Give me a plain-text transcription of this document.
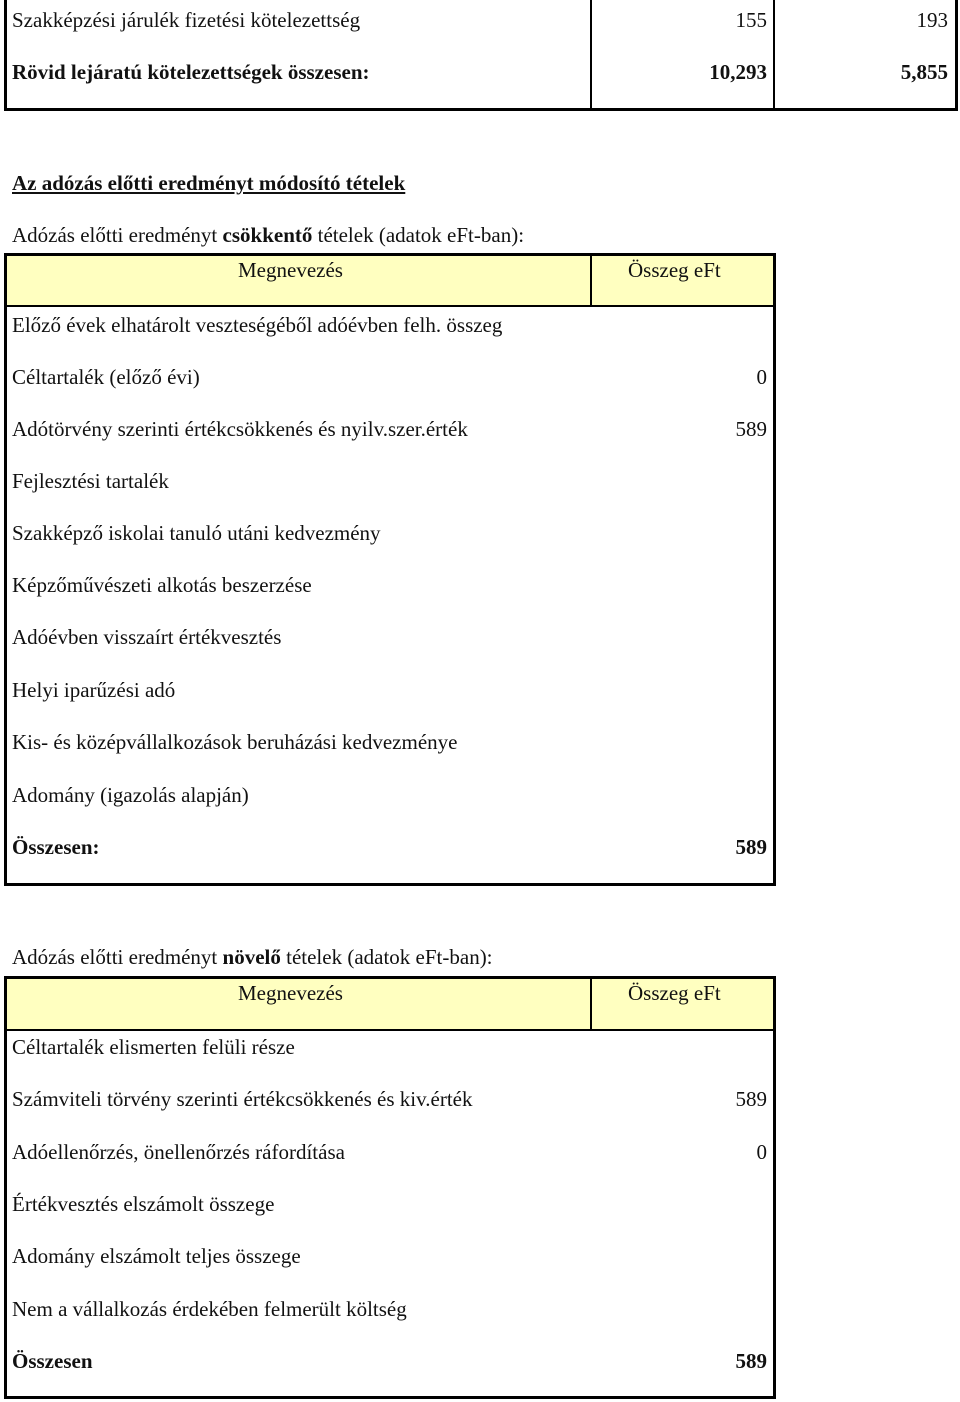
Szakképzési járulék fizetési kötelezettség	155	193
Rövid lejáratú kötelezettségek összesen:	10,293	5,855
Az adózás előtti eredményt módosító tételek
Adózás előtti eredményt csökkentő tételek (adatok eFt-ban):
Megnevezés	Összeg eFt
Előző évek elhatárolt veszteségéből adóévben felh. összeg
Céltartalék (előző évi)	0
Adótörvény szerinti értékcsökkenés és nyilv.szer.érték	589
Fejlesztési tartalék
Szakképző iskolai tanuló utáni kedvezmény
Képzőművészeti alkotás beszerzése
Adóévben visszaírt értékvesztés
Helyi iparűzési adó
Kis- és középvállalkozások beruházási kedvezménye
Adomány (igazolás alapján)
Összesen:	589
Adózás előtti eredményt növelő tételek (adatok eFt-ban):
Megnevezés	Összeg eFt
Céltartalék elismerten felüli része
Számviteli törvény szerinti értékcsökkenés és kiv.érték	589
Adóellenőrzés, önellenőrzés ráfordítása	0
Értékvesztés elszámolt összege
Adomány elszámolt teljes összege
Nem a vállalkozás érdekében felmerült költség
Összesen	589
